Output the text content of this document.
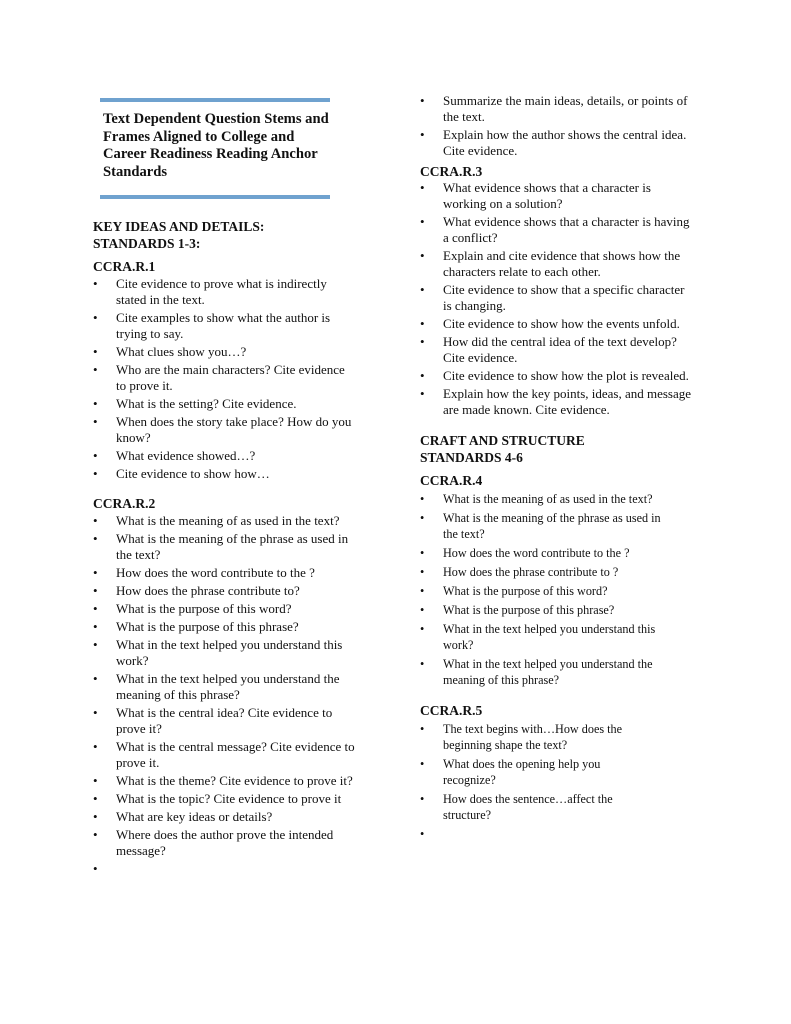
Text Dependent Question Stems and Frames Aligned to College and Career Readiness Reading Anchor Standards
KEY IDEAS AND DETAILS: STANDARDS 1-3:
CCRA.R.1
• Cite evidence to prove what is indirectly stated in the text.
• Cite examples to show what the author is trying to say.
• What clues show you…?
• Who are the main characters? Cite evidence to prove it.
• What is the setting? Cite evidence.
• When does the story take place? How do you know?
• What evidence showed…?
• Cite evidence to show how…
CCRA.R.2
• What is the meaning of as used in the text?
• What is the meaning of the phrase as used in the text?
• How does the word contribute to the ?
• How does the phrase contribute to?
• What is the purpose of this word?
• What is the purpose of this phrase?
• What in the text helped you understand this work?
• What in the text helped you understand the meaning of this phrase?
• What is the central idea? Cite evidence to prove it?
• What is the central message? Cite evidence to prove it.
• What is the theme? Cite evidence to prove it?
• What is the topic? Cite evidence to prove it
• What are key ideas or details?
• Where does the author prove the intended message?
•
• Summarize the main ideas, details, or points of the text.
• Explain how the author shows the central idea. Cite evidence.
CCRA.R.3
• What evidence shows that a character is working on a solution?
• What evidence shows that a character is having a conflict?
• Explain and cite evidence that shows how the characters relate to each other.
• Cite evidence to show that a specific character is changing.
• Cite evidence to show how the events unfold.
• How did the central idea of the text develop? Cite evidence.
• Cite evidence to show how the plot is revealed.
• Explain how the key points, ideas, and message are made known. Cite evidence.
CRAFT AND STRUCTURE STANDARDS 4-6
CCRA.R.4
• What is the meaning of as used in the text?
• What is the meaning of the phrase as used in the text?
• How does the word contribute to the ?
• How does the phrase contribute to ?
• What is the purpose of this word?
• What is the purpose of this phrase?
• What in the text helped you understand this work?
• What in the text helped you understand the meaning of this phrase?
CCRA.R.5
• The text begins with…How does the beginning shape the text?
• What does the opening help you recognize?
• How does the sentence…affect the structure?
•
